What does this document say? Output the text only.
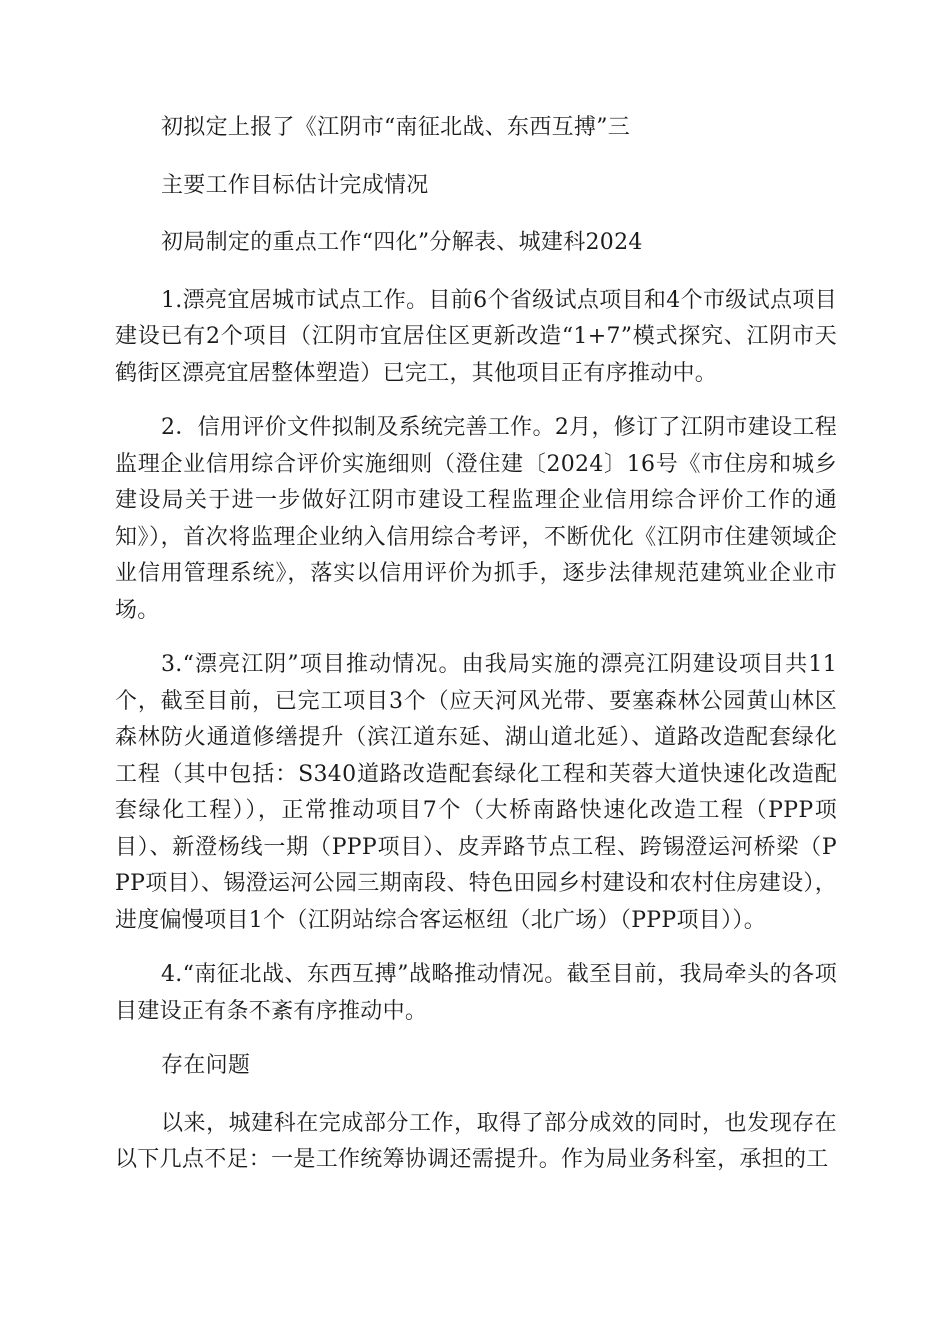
初拟定上报了《江阴市“南征北战、东西互搏”三

主要工作目标估计完成情况

初局制定的重点工作“四化”分解表、城建科2024

1.漂亮宜居城市试点工作。目前6个省级试点项目和4个市级试点项目建设已有2个项目（江阴市宜居住区更新改造“1+7”模式探究、江阴市天鹤街区漂亮宜居整体塑造）已完工，其他项目正有序推动中。

2．信用评价文件拟制及系统完善工作。2月，修订了江阴市建设工程监理企业信用综合评价实施细则（澄住建〔2024〕16号《市住房和城乡建设局关于进一步做好江阴市建设工程监理企业信用综合评价工作的通知》），首次将监理企业纳入信用综合考评，不断优化《江阴市住建领域企业信用管理系统》，落实以信用评价为抓手，逐步法律规范建筑业企业市场。

3.“漂亮江阴”项目推动情况。由我局实施的漂亮江阴建设项目共11个，截至目前，已完工项目3个（应天河风光带、要塞森林公园黄山林区森林防火通道修缮提升（滨江道东延、湖山道北延）、道路改造配套绿化工程（其中包括：S340道路改造配套绿化工程和芙蓉大道快速化改造配套绿化工程）），正常推动项目7个（大桥南路快速化改造工程（PPP项目）、新澄杨线一期（PPP项目）、皮弄路节点工程、跨锡澄运河桥梁（PPP项目）、锡澄运河公园三期南段、特色田园乡村建设和农村住房建设），进度偏慢项目1个（江阴站综合客运枢纽（北广场）（PPP项目））。

4.“南征北战、东西互搏”战略推动情况。截至目前，我局牵头的各项目建设正有条不紊有序推动中。

存在问题

以来，城建科在完成部分工作，取得了部分成效的同时，也发现存在以下几点不足：一是工作统筹协调还需提升。作为局业务科室，承担的工
